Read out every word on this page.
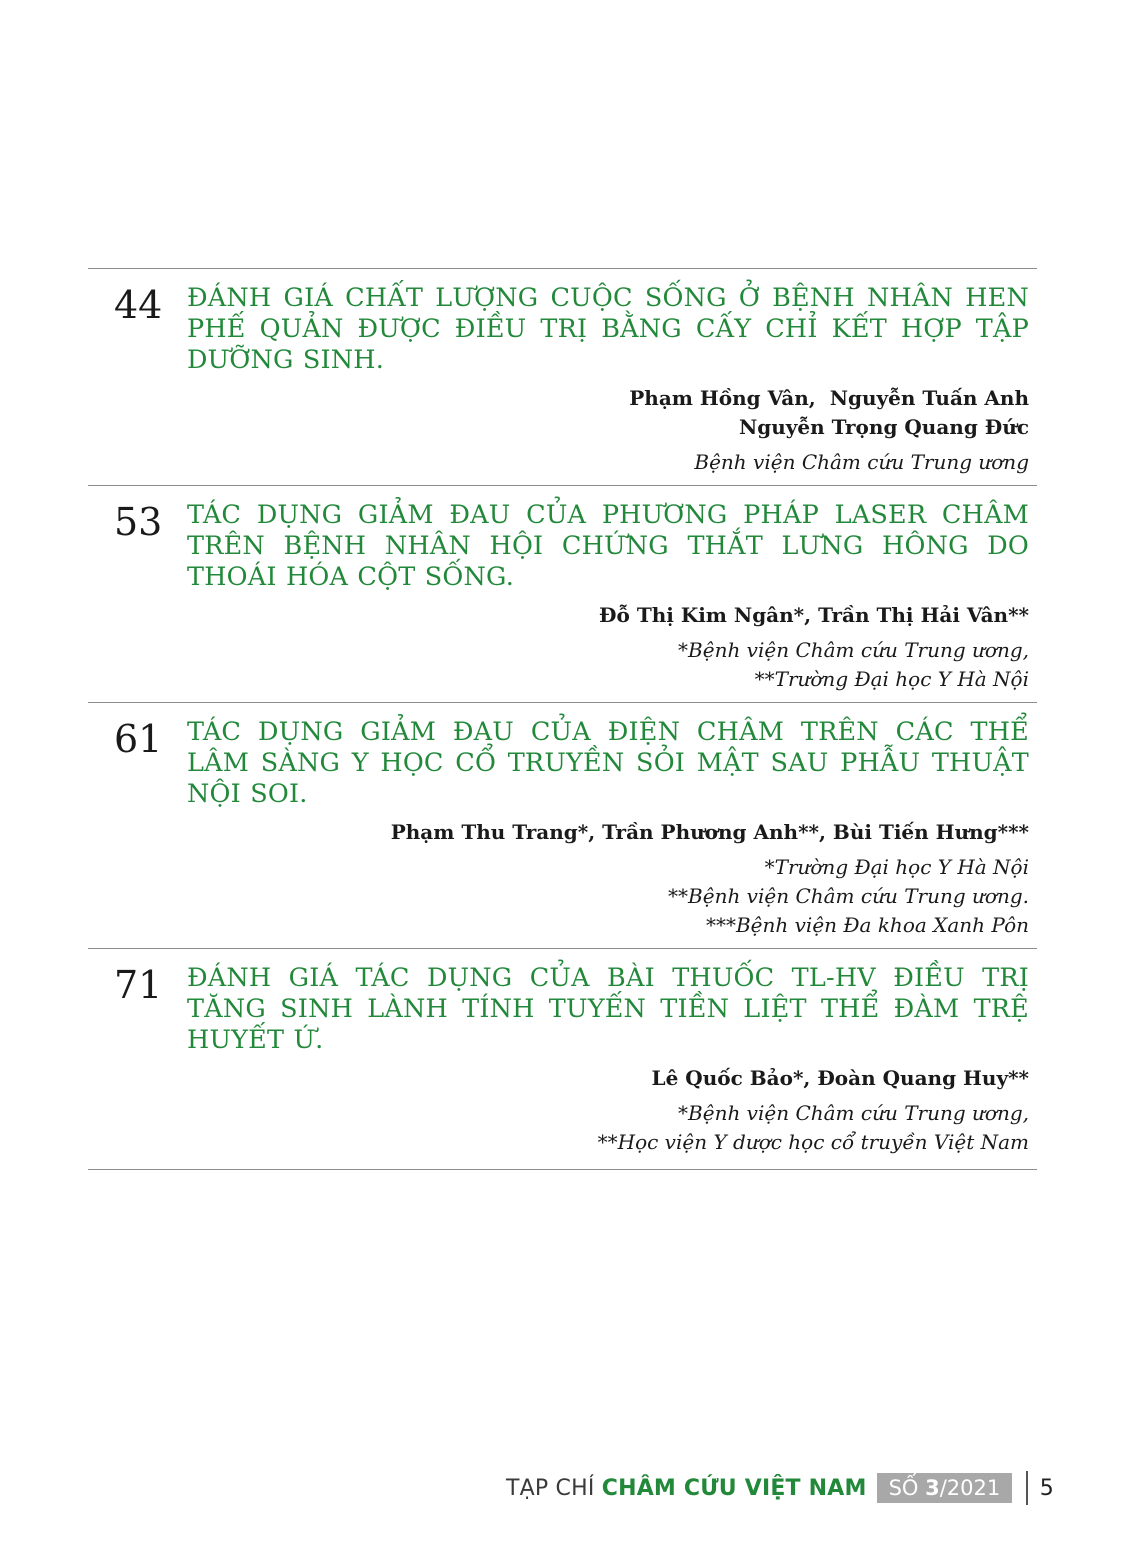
44 ĐÁNH GIÁ CHẤT LƯỢNG CUỘC SỐNG Ở BỆNH NHÂN HEN PHẾ QUẢN ĐƯỢC ĐIỀU TRỊ BẰNG CẤY CHỈ KẾT HỢP TẬP DƯỠNG SINH.
Phạm Hồng Vân,  Nguyễn Tuấn Anh
Nguyễn Trọng Quang Đức
Bệnh viện Châm cứu Trung ương
53 TÁC DỤNG GIẢM ĐAU CỦA PHƯƠNG PHÁP LASER CHÂM TRÊN BỆNH NHÂN HỘI CHỨNG THẮT LƯNG HÔNG DO THOÁI HÓA CỘT SỐNG.
Đỗ Thị Kim Ngân*, Trần Thị Hải Vân**
*Bệnh viện Châm cứu Trung ương,
**Trường Đại học Y Hà Nội
61 TÁC DỤNG GIẢM ĐAU CỦA ĐIỆN CHÂM TRÊN CÁC THỂ LÂM SÀNG Y HỌC CỔ TRUYỀN SỎI MẬT SAU PHẪU THUẬT NỘI SOI.
Phạm Thu Trang*, Trần Phương Anh**, Bùi Tiến Hưng***
*Trường Đại học Y Hà Nội
**Bệnh viện Châm cứu Trung ương.
***Bệnh viện Đa khoa Xanh Pôn
71 ĐÁNH GIÁ TÁC DỤNG CỦA BÀI THUỐC TL-HV ĐIỀU TRỊ TĂNG SINH LÀNH TÍNH TUYẾN TIỀN LIỆT THỂ ĐÀM TRỆ HUYẾT Ứ.
Lê Quốc Bảo*, Đoàn Quang Huy**
*Bệnh viện Châm cứu Trung ương,
**Học viện Y dược học cổ truyền Việt Nam
TẠP CHÍ CHÂM CỨU VIỆT NAM SỐ 3 /2021 5
